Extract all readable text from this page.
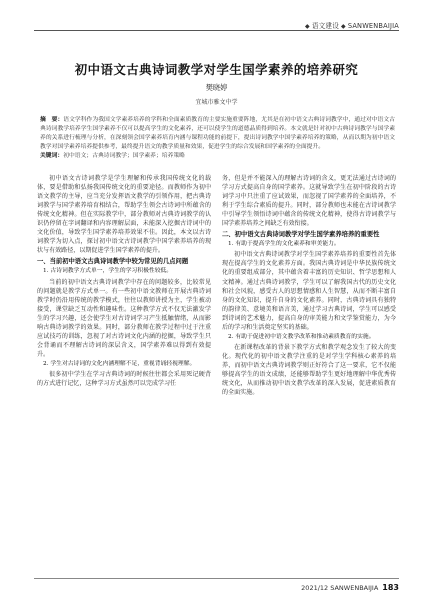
◆ 语文建设 ◆ SANWENBAIJIA
初中语文古典诗词教学对学生国学素养的培养研究
樊晓婷
宜城市雅文中学
摘　要：语文学科作为我国文学素养培养的学科和全面素质教育的主要实施重要阵地，尤其是在初中语文古典诗词教学中，通过对中语文古典诗词教学培养学生国学素养不仅可以提高学生的文化素养，还可以使学生的道德品质得到培养。本文就是针对初中古典诗词教学与国学素养的关系进行梳理与分析，在深刻领会国学素养培育内涵与课程功能的前提下，提出诗词教学中国学素养培养的策略，从而以期为初中语文教学对国学素养培养提供参考，最终提升语文的教学质量和效果，促进学生的综合发展和国学素养的全面提升。
关键词：初中语文；古典诗词教学；国学素养；培养策略

初中语文古诗词教学是学生理解和传承我国传统文化的载体，要是借助和弘扬我国传统文化的重要途径。而教师作为初中语文教学的主导，应当充分发挥语文教学的引领作用，把古典诗词教学与国学素养培育相结合，帮助学生领会古诗词中所蕴含的传统文化精神。但在实际教学中，部分教师对古典诗词教学的认识仍停留在字词翻译和内容理解层面，未能深入挖掘古诗词中的文化价值，导致学生国学素养培养效果不佳。因此，本文以古诗词教学为切入点，探讨初中语文古诗词教学中国学素养培养的现状与有效路径，以期促进学生国学素养的提升。

一、当前初中语文古典诗词教学中较为常见的几点问题
1. 古诗词教学方式单一，学生的学习积极性较低。

当前的初中语文古典诗词教学中存在的问题较多，比较常见的问题就是教学方式单一。有一些初中语文教师在开展古典诗词教学时仍沿用传统的教学模式，往往以教师讲授为主，学生被动接受，课堂缺乏互动性和趣味性。这种教学方式不仅无法激发学生的学习兴趣，还会使学生对古诗词学习产生抵触情绪，从而影响古典诗词教学的效果。同时，部分教师在教学过程中过于注重应试技巧的训练，忽视了对古诗词文化内涵的挖掘，导致学生只会背诵而不理解古诗词的深层含义，国学素养难以得到有效提升。

2. 学生对古诗词的文化内涵理解不足，重视背诵轻视理解。

很多初中学生在学习古典诗词的时候往往都会采用死记硬背的方式进行记忆，这种学习方式虽然可以完成学习任

务，但是并不能深入的理解古诗词的含义，更无法通过古诗词的学习方式提高自身的国学素养。这就导致学生在初中阶段的古诗词学习中只注重了应试效果，而忽视了国学素养的全面培养，不利于学生综合素质的提升。同时，部分教师也未能在古诗词教学中引导学生领悟诗词中蕴含的传统文化精神，使得古诗词教学与国学素养培养之间缺乏有效衔接。

二、初中语文古典诗词教学对学生国学素养培养的重要性
1. 有助于提高学生的文化素养和审美能力。

初中语文古典诗词教学对学生国学素养培养的重要性首先体现在提高学生的文化素养方面。我国古典诗词是中华民族传统文化的重要组成部分，其中蕴含着丰富的历史知识、哲学思想和人文精神。通过古典诗词教学，学生可以了解我国古代的历史文化和社会风貌，感受古人的思想情感和人生智慧，从而不断丰富自身的文化知识，提升自身的文化素养。同时，古典诗词具有独特的韵律美、意境美和语言美，通过学习古典诗词，学生可以感受到诗词的艺术魅力，提高自身的审美能力和文学鉴赏能力，为今后的学习和生活奠定坚实的基础。

2. 有助于促进初中语文教学改革和推动素质教育的实施。

在新课程改革的背景下教学方式和教学观念发生了较大的变化。现代化的初中语文教学注重的是对学生学科核心素养的培养，而初中语文古典诗词教学则正好符合了这一要求，它不仅能够提高学生的语文成绩，还能够帮助学生更好地理解中华优秀传统文化，从而推动初中语文教学改革的深入发展，促进素质教育的全面实施。

2021/12 SANWENBAIJIA 183
